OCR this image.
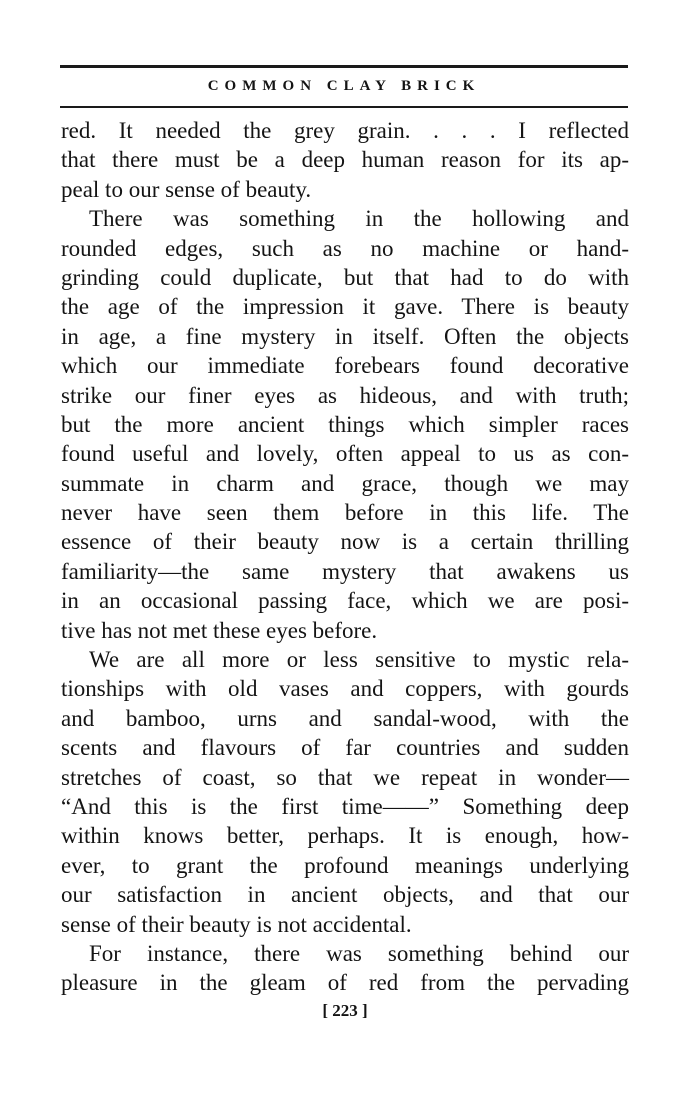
COMMON CLAY BRICK
red. It needed the grey grain. . . . I reflected
that there must be a deep human reason for its ap-
peal to our sense of beauty.
There was something in the hollowing and
rounded edges, such as no machine or hand-
grinding could duplicate, but that had to do with
the age of the impression it gave. There is beauty
in age, a fine mystery in itself. Often the objects
which our immediate forebears found decorative
strike our finer eyes as hideous, and with truth;
but the more ancient things which simpler races
found useful and lovely, often appeal to us as con-
summate in charm and grace, though we may
never have seen them before in this life. The
essence of their beauty now is a certain thrilling
familiarity—the same mystery that awakens us
in an occasional passing face, which we are posi-
tive has not met these eyes before.
We are all more or less sensitive to mystic rela-
tionships with old vases and coppers, with gourds
and bamboo, urns and sandal-wood, with the
scents and flavours of far countries and sudden
stretches of coast, so that we repeat in wonder—
“And this is the first time——” Something deep
within knows better, perhaps. It is enough, how-
ever, to grant the profound meanings underlying
our satisfaction in ancient objects, and that our
sense of their beauty is not accidental.
For instance, there was something behind our
pleasure in the gleam of red from the pervading
[ 223 ]
